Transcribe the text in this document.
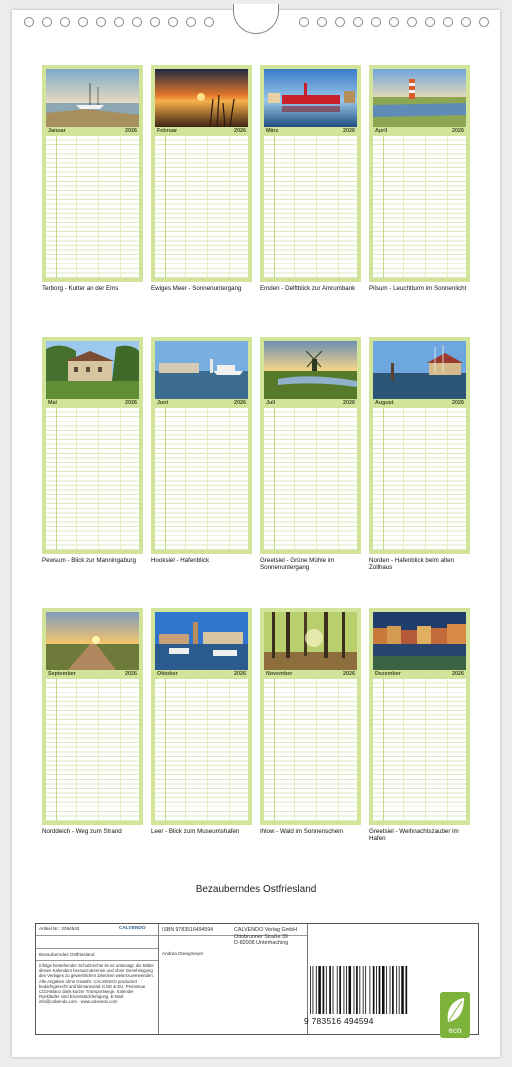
Januar	2026
Terborg - Kutter an der Ems
Februar	2026
Ewiges Meer - Sonnenuntergang
März	2026
Emden - Delftblick zur Amrumbank
April	2026
Pilsum - Leuchtturm im Sonnenlicht
Mai	2026
Pewsum - Blick zur Manningaburg
Juni	2026
Hooksiel - Hafenblick
Juli	2026
Greetsiel - Grüne Mühle im Sonnenuntergang
August	2026
Norden - Hafenblick beim alten Zollhaus
September	2026
Norddeich - Weg zum Strand
Oktober	2026
Leer - Blick zum Museumshafen
November	2026
Ihlow - Wald im Sonnenschein
Dezember	2026
Greetsiel - Weihnachtszauber im Hafen
Bezauberndes Ostfriesland
Artikel Nr.: 2064543	CALVENDO
Bezauberndes Ostfriesland
Infolge bestehender Schutzrechte ist es untersagt, die Bilder dieses Kalenders herauszutrennen und ohne Genehmigung des Verlages zu gewerblichen Zwecken weiterzuverwenden. Alle Angaben ohne Gewähr. CALVENDO produziert bedarfsgerecht und klimaneutral in DE & EU. Preistreue CO2-Bilanz dank kurzer Transportwege. Kalender Rückläufer sind Einzelstückfertigung. E-Mail: info@calvendo.com · www.calvendo.com
ISBN 9783516494594
Andrea Dreegmeyer
CALVENDO Verlag GmbH
Ottobrunner Straße 39
D-82008 Unterhaching
9 783516 494594
eco
